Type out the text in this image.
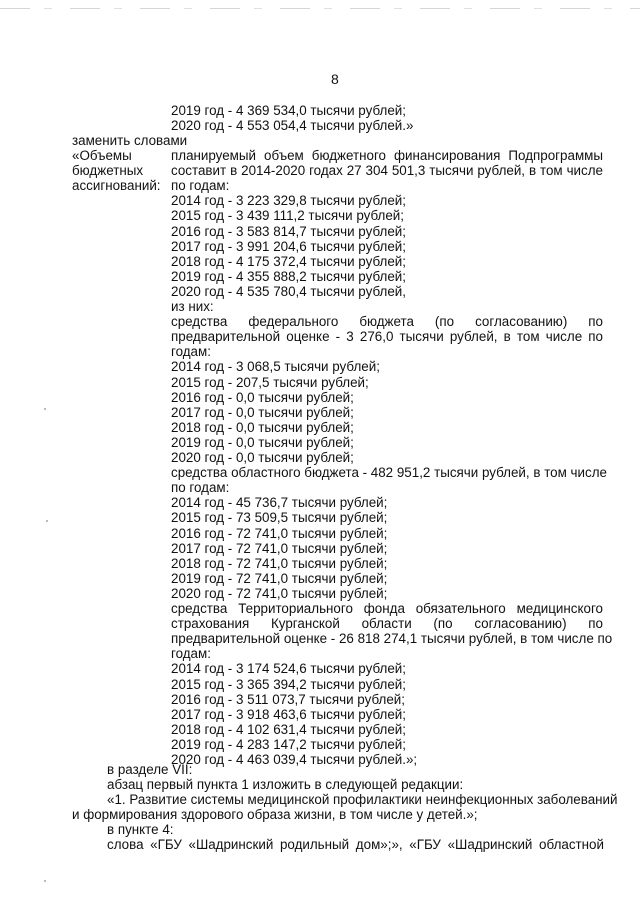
8
2019 год - 4 369 534,0 тысячи рублей;
2020 год - 4 553 054,4 тысячи рублей.»
заменить словами
«Объемы
бюджетных
ассигнований:
планируемый объем бюджетного финансирования Подпрограммы
составит в 2014-2020 годах 27 304 501,3 тысячи рублей, в том числе
по годам:
2014 год - 3 223 329,8 тысячи рублей;
2015 год - 3 439 111,2 тысячи рублей;
2016 год - 3 583 814,7 тысячи рублей;
2017 год - 3 991 204,6 тысячи рублей;
2018 год - 4 175 372,4 тысячи рублей;
2019 год - 4 355 888,2 тысячи рублей;
2020 год - 4 535 780,4 тысячи рублей,
из них:
средства федерального бюджета (по согласованию) по
предварительной оценке - 3 276,0 тысячи рублей, в том числе по
годам:
2014 год - 3 068,5 тысячи рублей;
2015 год - 207,5 тысячи рублей;
2016 год - 0,0 тысячи рублей;
2017 год - 0,0 тысячи рублей;
2018 год - 0,0 тысячи рублей;
2019 год - 0,0 тысячи рублей;
2020 год - 0,0 тысячи рублей;
средства областного бюджета - 482 951,2 тысячи рублей, в том числе
по годам:
2014 год - 45 736,7 тысячи рублей;
2015 год - 73 509,5 тысячи рублей;
2016 год - 72 741,0 тысячи рублей;
2017 год - 72 741,0 тысячи рублей;
2018 год - 72 741,0 тысячи рублей;
2019 год - 72 741,0 тысячи рублей;
2020 год - 72 741,0 тысячи рублей;
средства Территориального фонда обязательного медицинского
страхования Курганской области (по согласованию) по
предварительной оценке - 26 818 274,1 тысячи рублей, в том числе по
годам:
2014 год - 3 174 524,6 тысячи рублей;
2015 год - 3 365 394,2 тысячи рублей;
2016 год - 3 511 073,7 тысячи рублей;
2017 год - 3 918 463,6 тысячи рублей;
2018 год - 4 102 631,4 тысячи рублей;
2019 год - 4 283 147,2 тысячи рублей;
2020 год - 4 463 039,4 тысячи рублей.»;
в разделе VII:
абзац первый пункта 1 изложить в следующей редакции:
«1. Развитие системы медицинской профилактики неинфекционных заболеваний
и формирования здорового образа жизни, в том числе у детей.»;
в пункте 4:
слова «ГБУ «Шадринский родильный дом»;», «ГБУ «Шадринский областной
